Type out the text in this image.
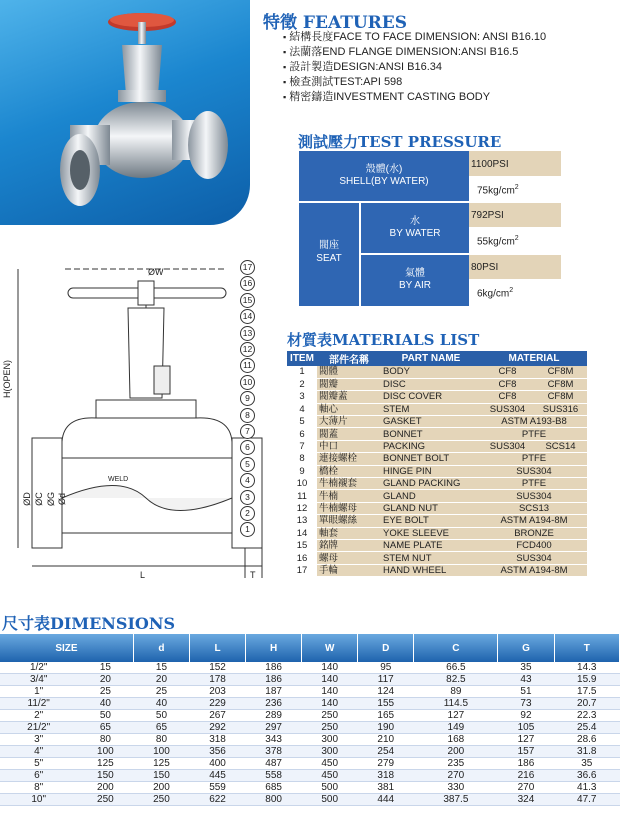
特徵 FEATURES
▪ 結構長度FACE TO FACE DIMENSION: ANSI B16.10
▪ 法蘭落END FLANGE DIMENSION:ANSI B16.5
▪ 設計製造DESIGN:ANSI B16.34
▪ 檢查測試TEST:API 598
▪ 精密鑄造INVESTMENT CASTING BODY
測試壓力TEST PRESSURE
殼體(水)
SHELL(BY WATER)
1100PSI
$75kg/cm^2$
閥座
SEAT
水
BY WATER
792PSI
$55kg/cm^2$
氣體
BY AIR
80PSI
$6kg/cm^2$
材質表MATERIALS LIST
ITEM	部件名稱	PART NAME	MATERIAL	
1	閥體	BODY	CF8	CF8M
2	閥瓣	DISC	CF8	CF8M
3	閥瓣蓋	DISC COVER	CF8	CF8M
4	軸心	STEM	SUS304	SUS316
5	大薄片	GASKET	ASTM A193-B8	
6	閥蓋	BONNET	PTFE	
7	中口	PACKING	SUS304	SCS14
8	連接螺栓	BONNET BOLT	PTFE	
9	橋栓	HINGE PIN	SUS304	
10	牛楠襯套	GLAND PACKING	PTFE	
11	牛楠	GLAND	SUS304	
12	牛楠螺母	GLAND NUT	SCS13	
13	單眼螺絲	EYE BOLT	ASTM A194-8M	
14	軸套	YOKE SLEEVE	BRONZE	
15	銘牌	NAME PLATE	FCD400	
16	螺母	STEM NUT	SUS304	
17	手輪	HAND WHEEL	ASTM A194-8M	
ØW
H(OPEN)
ØD ØC ØG Ød
T
L
WELD
17
16
15
14
13
12
11
10
9
8
7
6
5
4
3
2
1
尺寸表DIMENSIONS
SIZE		d	L	H	W	D	C	G	T
1/2"	15	15	152	186	140	95	66.5	35	14.3
3/4"	20	20	178	186	140	117	82.5	43	15.9
1"	25	25	203	187	140	124	89	51	17.5
11/2"	40	40	229	236	140	155	114.5	73	20.7
2"	50	50	267	289	250	165	127	92	22.3
21/2"	65	65	292	297	250	190	149	105	25.4
3"	80	80	318	343	300	210	168	127	28.6
4"	100	100	356	378	300	254	200	157	31.8
5"	125	125	400	487	450	279	235	186	35
6"	150	150	445	558	450	318	270	216	36.6
8"	200	200	559	685	500	381	330	270	41.3
10"	250	250	622	800	500	444	387.5	324	47.7
